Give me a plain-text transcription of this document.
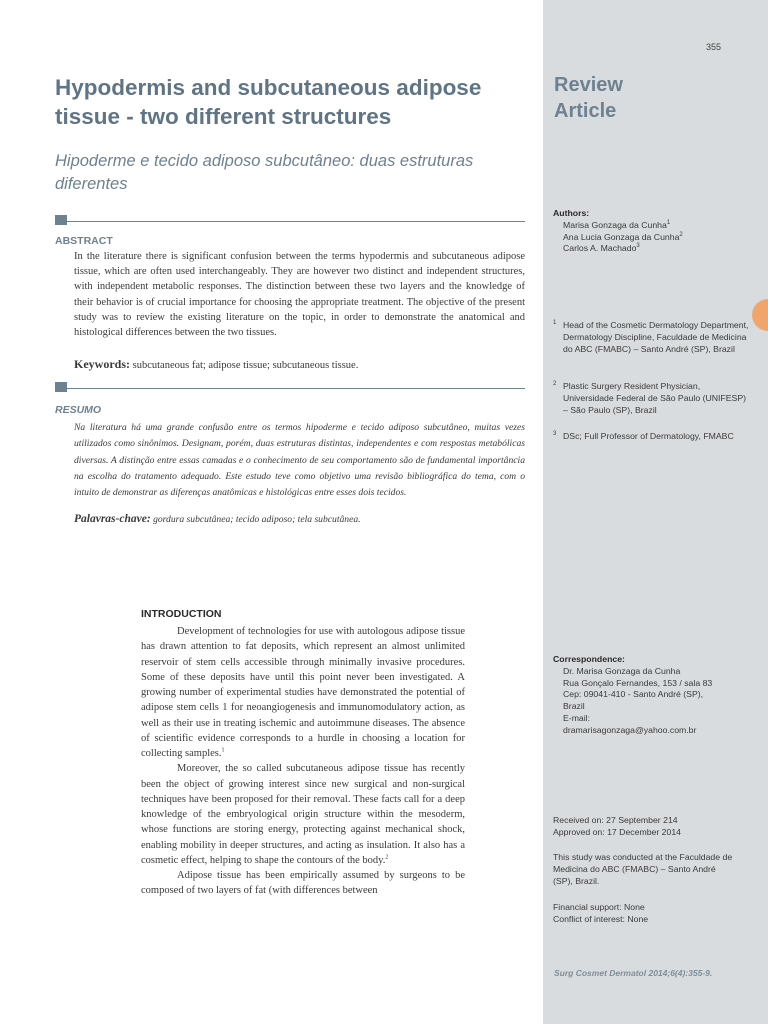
355
Review
Article
Hypodermis and subcutaneous adipose tissue - two different structures
Hipoderme e tecido adiposo subcutâneo: duas estruturas diferentes
ABSTRACT
In the literature there is significant confusion between the terms hypodermis and subcutaneous adipose tissue, which are often used interchangeably. They are however two distinct and independent structures, with independent metabolic responses. The distinction between these two layers and the knowledge of their behavior is of crucial importance for choosing the appropriate treatment. The objective of the present study was to review the existing literature on the topic, in order to demonstrate the anatomical and histological differences between the two tissues.
Keywords: subcutaneous fat; adipose tissue; subcutaneous tissue.
RESUMO
Na literatura há uma grande confusão entre os termos hipoderme e tecido adiposo subcutâneo, muitas vezes utilizados como sinônimos. Designam, porém, duas estruturas distintas, independentes e com respostas metabólicas diversas. A distinção entre essas camadas e o conhecimento de seu comportamento são de fundamental importância na escolha do tratamento adequado. Este estudo teve como objetivo uma revisão bibliográfica do tema, com o intuito de demonstrar as diferenças anatômicas e histológicas entre esses dois tecidos.
Palavras-chave: gordura subcutânea; tecido adiposo; tela subcutânea.
INTRODUCTION

Development of technologies for use with autologous adipose tissue has drawn attention to fat deposits, which represent an almost unlimited reservoir of stem cells accessible through minimally invasive procedures. Some of these deposits have until this point never been investigated. A growing number of experimental studies have demonstrated the potential of adipose stem cells 1 for neoangiogenesis and immunomodulatory action, as well as their use in treating ischemic and autoimmune diseases. The absence of scientific evidence corresponds to a hurdle in choosing a location for collecting samples.$^1$

Moreover, the so called subcutaneous adipose tissue has recently been the object of growing interest since new surgical and non-surgical techniques have been proposed for their removal. These facts call for a deep knowledge of the embryological origin structure within the mesoderm, whose functions are storing energy, protecting against mechanical shock, enabling mobility in deeper structures, and acting as insulation. It also has a cosmetic effect, helping to shape the contours of the body.$^2$

Adipose tissue has been empirically assumed by surgeons to be composed of two layers of fat (with differences between

Authors:
Marisa Gonzaga da Cunha$^1$
Ana Lucia Gonzaga da Cunha$^2$
Carlos A. Machado$^3$
1 Head of the Cosmetic Dermatology Department, Dermatology Discipline, Faculdade de Medicina do ABC (FMABC) – Santo André (SP), Brazil
2 Plastic Surgery Resident Physician, Universidade Federal de São Paulo (UNIFESP) – São Paulo (SP), Brazil
3 DSc; Full Professor of Dermatology, FMABC
Correspondence:
Dr. Marisa Gonzaga da Cunha
Rua Gonçalo Fernandes, 153 / sala 83
Cep: 09041-410 - Santo André (SP),
Brazil
E-mail:
dramarisagonzaga@yahoo.com.br
Received on: 27 September 214
Approved on: 17 December 2014
This study was conducted at the Faculdade de Medicina do ABC (FMABC) – Santo André (SP), Brazil.
Financial support: None
Conflict of interest: None
Surg Cosmet Dermatol 2014;6(4):355-9.
